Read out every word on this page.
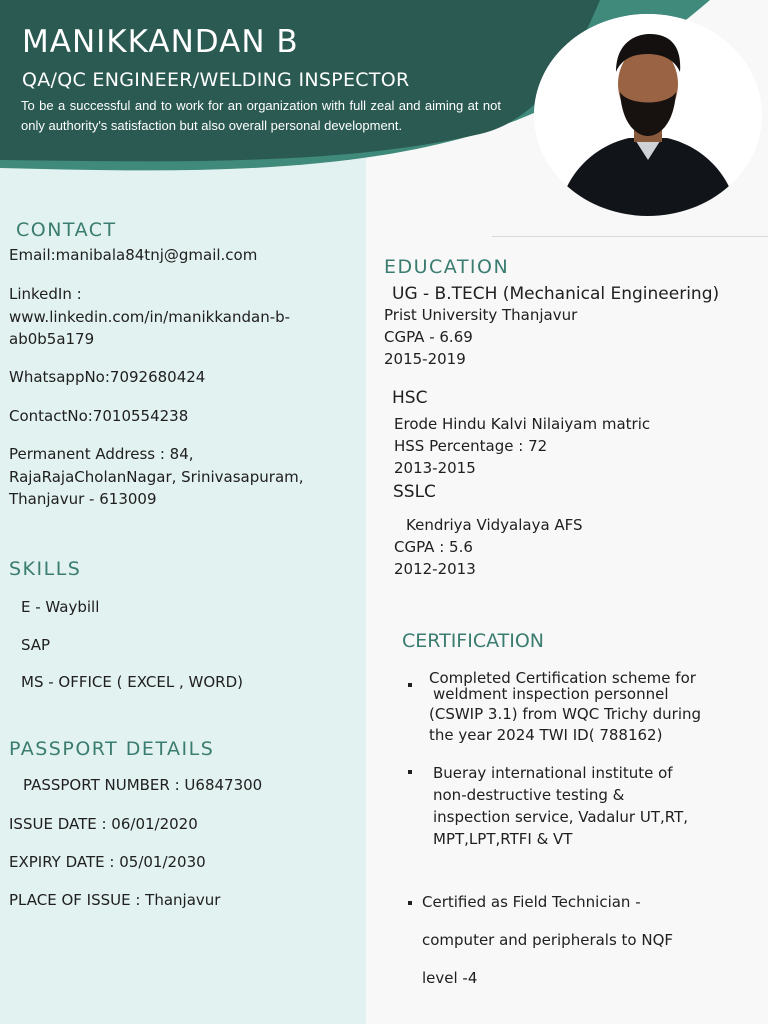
MANIKKANDAN B
QA/QC ENGINEER/WELDING INSPECTOR
To be a successful and to work for an organization with full zeal and aiming at not only authority's satisfaction but also overall personal development.
CONTACT
Email:manibala84tnj@gmail.com
LinkedIn :
www.linkedin.com/in/manikkandan-b-
ab0b5a179
WhatsappNo:7092680424
ContactNo:7010554238
Permanent Address : 84,
RajaRajaCholanNagar, Srinivasapuram,
Thanjavur - 613009
SKILLS
E - Waybill
SAP
MS - OFFICE ( EXCEL , WORD)
PASSPORT DETAILS
PASSPORT NUMBER : U6847300
ISSUE DATE : 06/01/2020
EXPIRY DATE : 05/01/2030
PLACE OF ISSUE : Thanjavur
EDUCATION
UG - B.TECH (Mechanical Engineering)
Prist University Thanjavur
CGPA - 6.69
2015-2019
HSC
Erode Hindu Kalvi Nilaiyam matric
HSS Percentage : 72
2013-2015
SSLC
Kendriya Vidyalaya AFS
CGPA : 5.6
2012-2013
CERTIFICATION
Completed Certification scheme for
weldment inspection personnel
(CSWIP 3.1) from WQC Trichy during
the year 2024 TWI ID( 788162)
Bueray international institute of
non-destructive testing &
inspection service, Vadalur UT,RT,
MPT,LPT,RTFI & VT
Certified as Field Technician -
computer and peripherals to NQF
level -4
